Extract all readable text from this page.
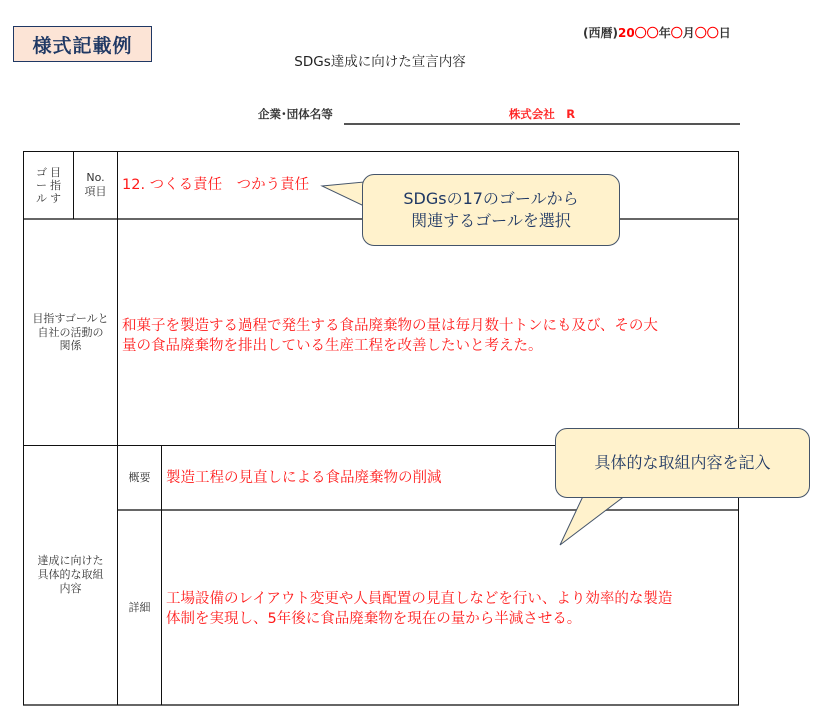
様式記載例
(西暦)20〇〇年〇月〇〇日
SDGs達成に向けた宣言内容
企業･団体名等	株式会社　R
ゴ
ー
ル
目
指
す
No.
項目 12. つくる責任　つかう責任
目指すゴールと
自社の活動の
関係
和菓子を製造する過程で発生する食品廃棄物の量は毎月数十トンにも及び、その大
量の食品廃棄物を排出している生産工程を改善したいと考えた。
達成に向けた
具体的な取組
内容
概要 製造工程の見直しによる食品廃棄物の削減
詳細
工場設備のレイアウト変更や人員配置の見直しなどを行い、より効率的な製造
体制を実現し、5年後に食品廃棄物を現在の量から半減させる。
SDGsの17のゴールから
関連するゴールを選択
具体的な取組内容を記入
